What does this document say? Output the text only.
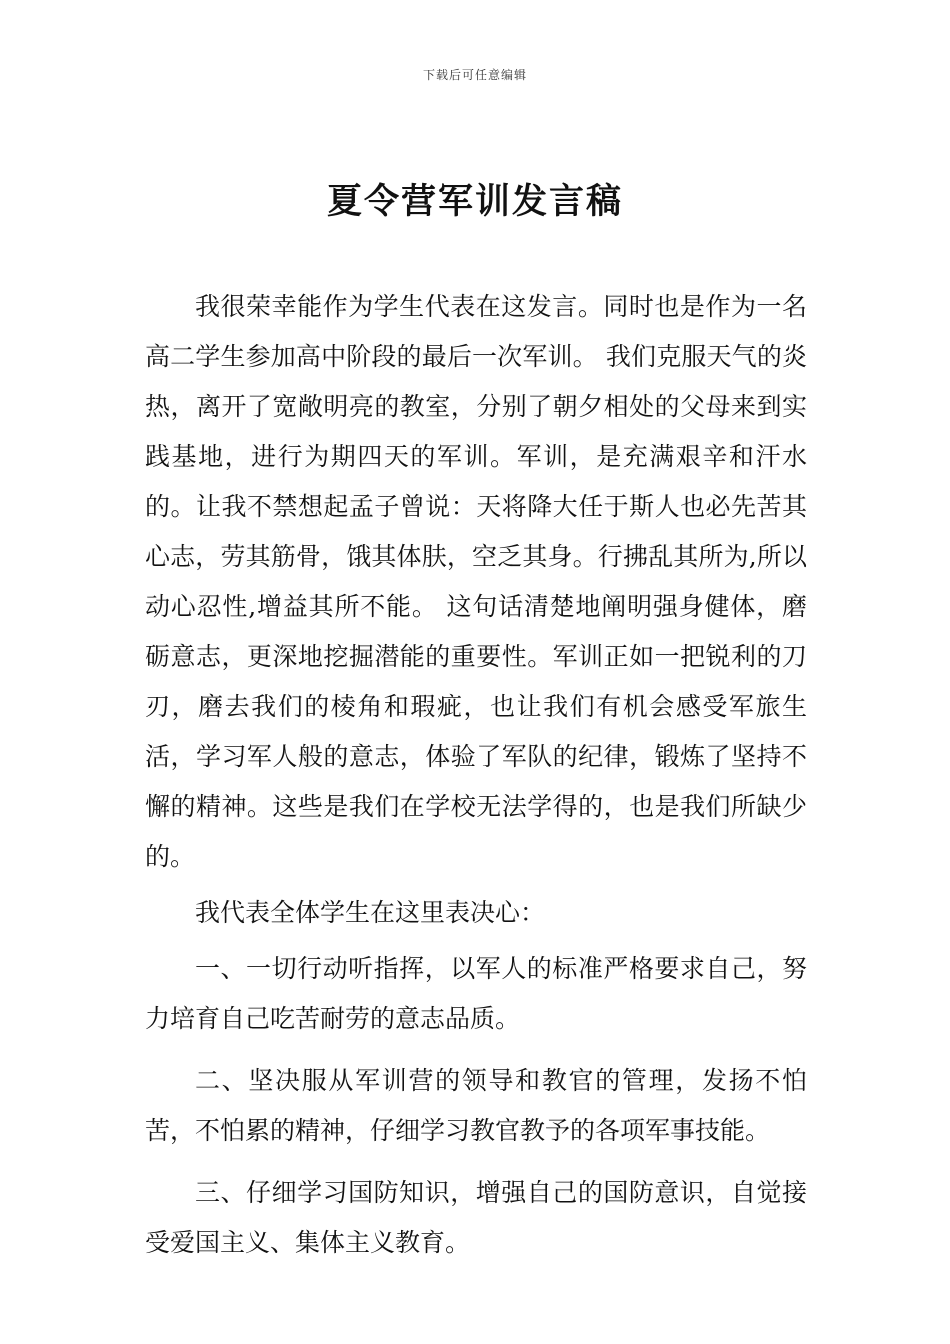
下载后可任意编辑
夏令营军训发言稿

我很荣幸能作为学生代表在这发言。同时也是作为一名高二学生参加高中阶段的最后一次军训。 我们克服天气的炎热，离开了宽敞明亮的教室，分别了朝夕相处的父母来到实践基地，进行为期四天的军训。军训，是充满艰辛和汗水的。让我不禁想起孟子曾说：天将降大任于斯人也必先苦其心志，劳其筋骨，饿其体肤，空乏其身。行拂乱其所为,所以动心忍性,增益其所不能。 这句话清楚地阐明强身健体，磨砺意志，更深地挖掘潜能的重要性。军训正如一把锐利的刀刃，磨去我们的棱角和瑕疵，也让我们有机会感受军旅生活，学习军人般的意志，体验了军队的纪律，锻炼了坚持不懈的精神。这些是我们在学校无法学得的，也是我们所缺少的。

我代表全体学生在这里表决心：

一、一切行动听指挥，以军人的标准严格要求自己，努力培育自己吃苦耐劳的意志品质。

二、坚决服从军训营的领导和教官的管理，发扬不怕苦，不怕累的精神，仔细学习教官教予的各项军事技能。

三、仔细学习国防知识，增强自己的国防意识，自觉接受爱国主义、集体主义教育。
